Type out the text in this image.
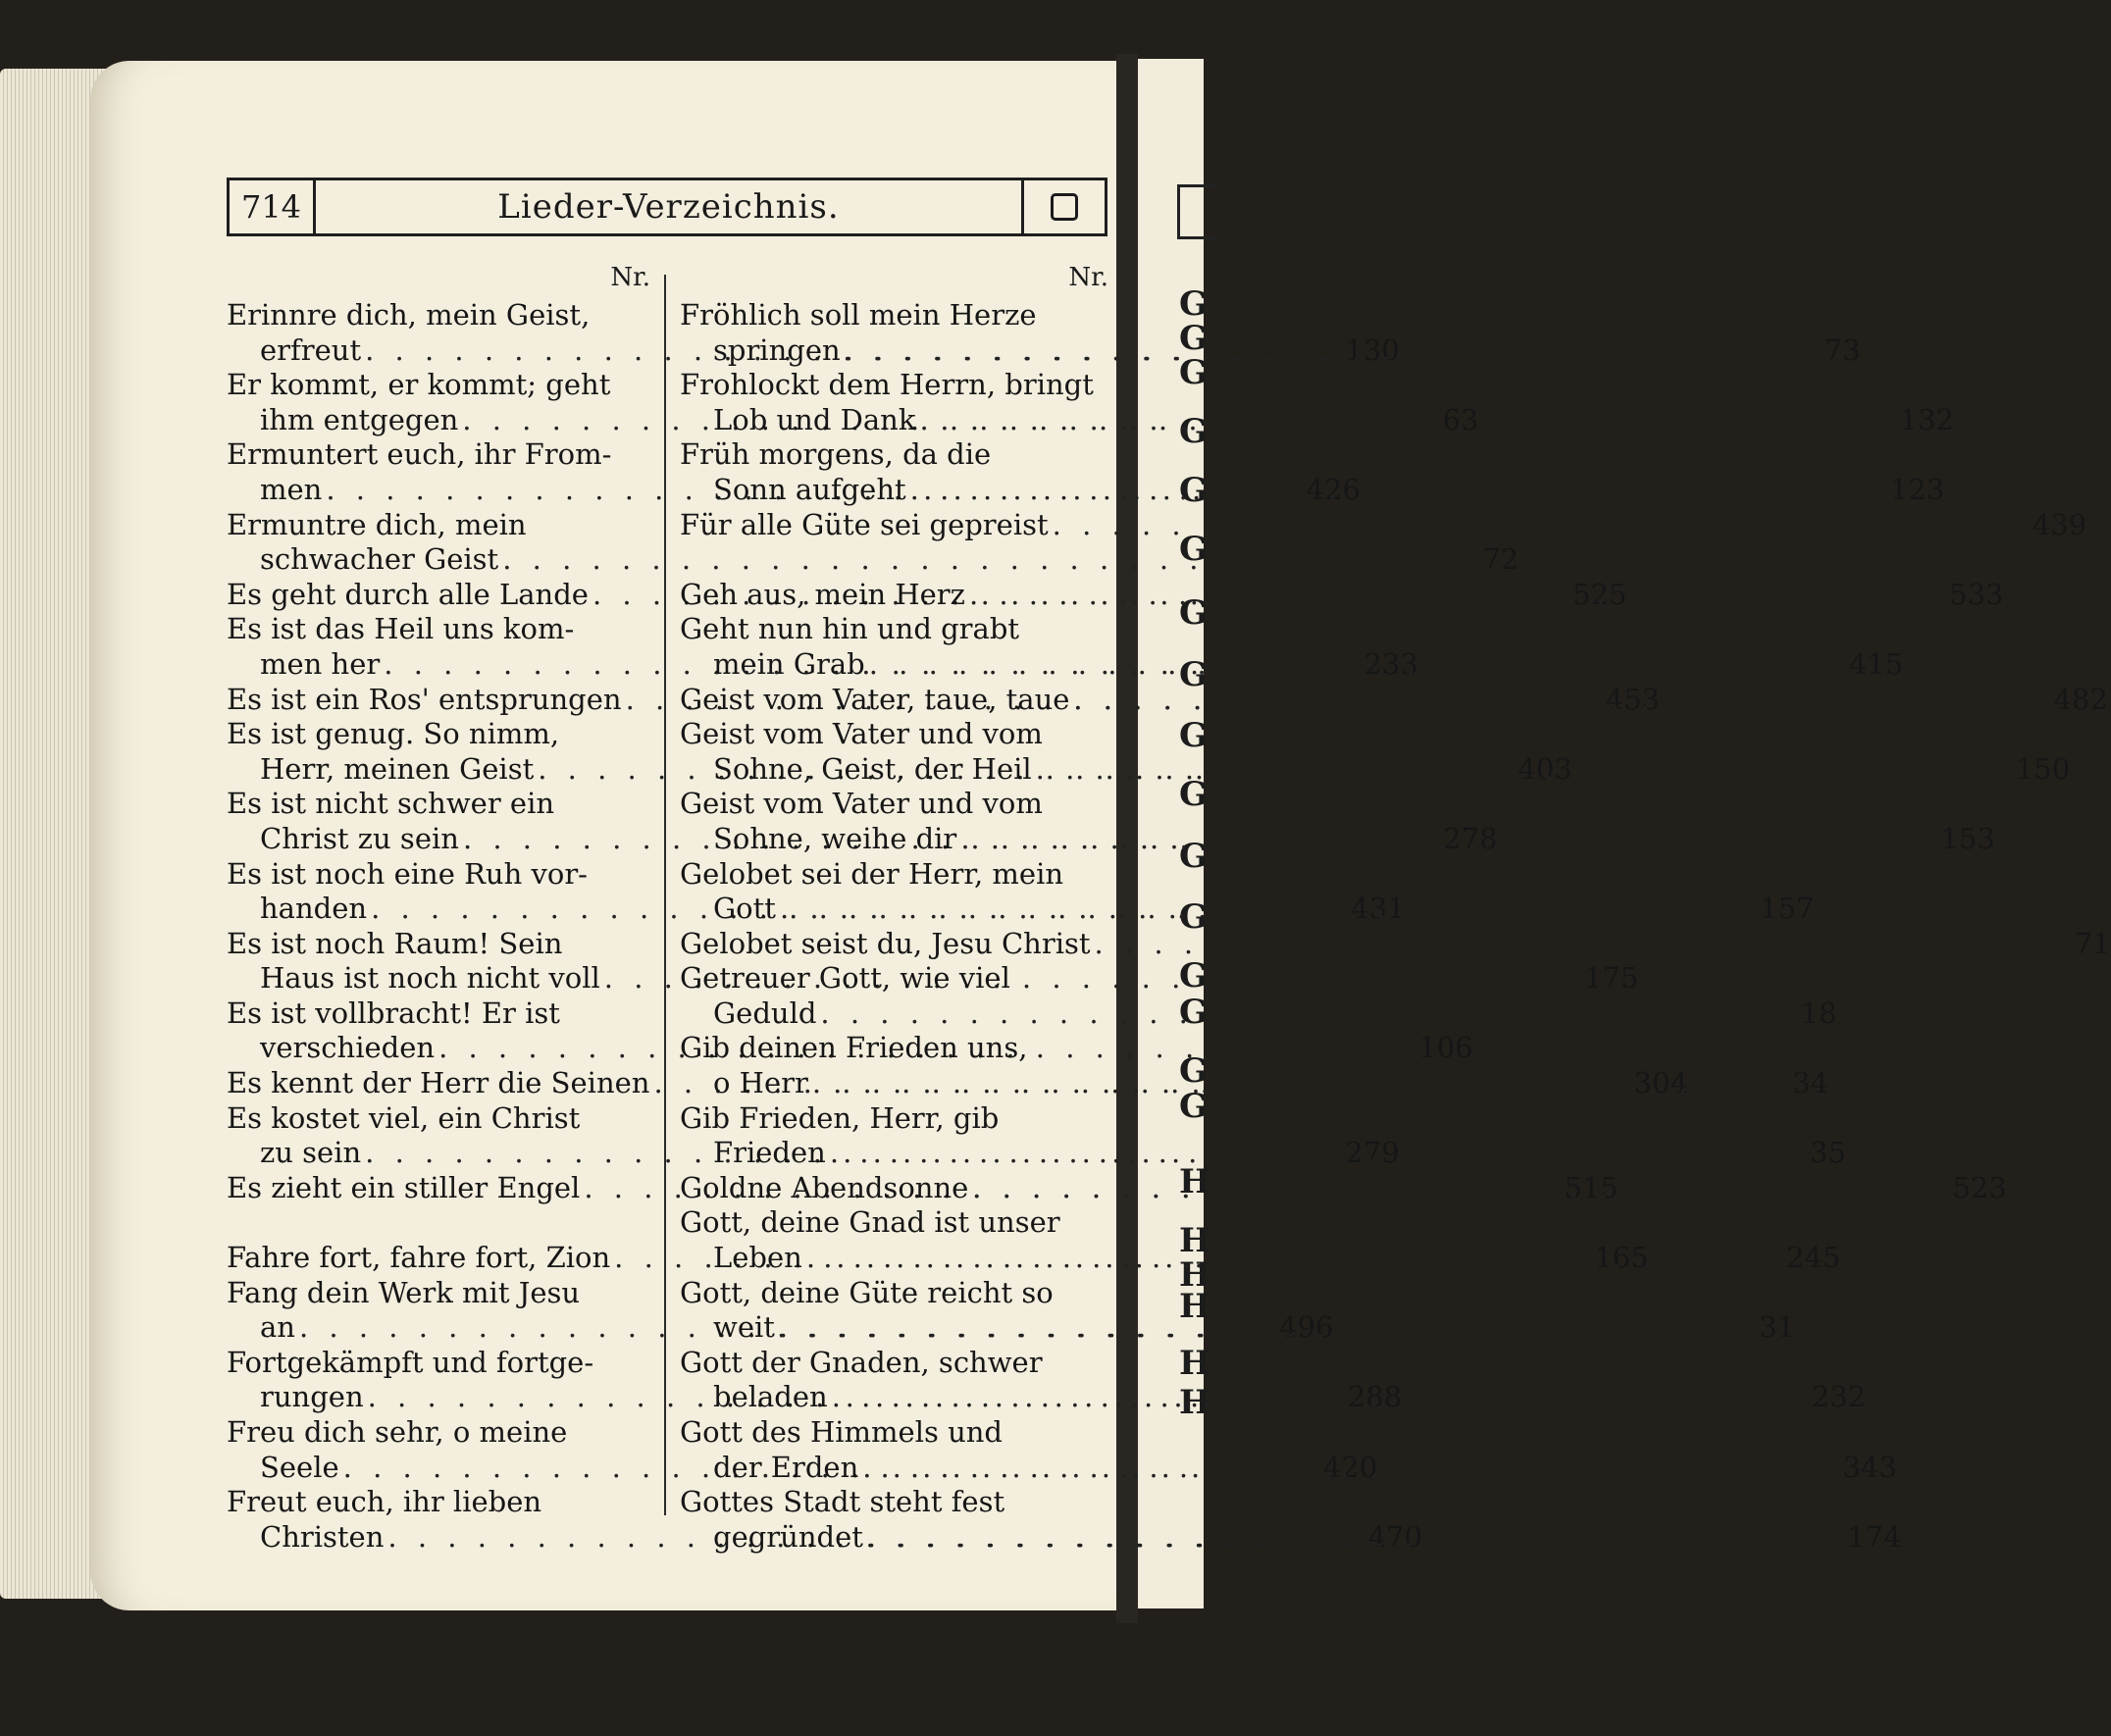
G
G
G
G
G
G
G
G
G
G
G
G
G
G
G
G
H
H
H
H
H
H
714	Lieder-Verzeichnis.
Nr.
Erinnre dich, mein Geist,
erfreut . . .	130
Er kommt, er kommt; geht
ihm entgegen . . .	63
Ermuntert euch, ihr From-
men . . .	426
Ermuntre dich, mein
schwacher Geist . . .	72
Es geht durch alle Lande . . .	525
Es ist das Heil uns kom-
men her . . .	233
Es ist ein Ros' entsprungen . . .	453
Es ist genug. So nimm,
Herr, meinen Geist . . .	403
Es ist nicht schwer ein
Christ zu sein . . .	278
Es ist noch eine Ruh vor-
handen . . .	431
Es ist noch Raum! Sein
Haus ist noch nicht voll . . .	175
Es ist vollbracht! Er ist
verschieden . . .	106
Es kennt der Herr die Seinen . . .	304
Es kostet viel, ein Christ
zu sein . . .	279
Es zieht ein stiller Engel . . .	515
Fahre fort, fahre fort, Zion . . .	165
Fang dein Werk mit Jesu
an . . .	496
Fortgekämpft und fortge-
rungen . . .	288
Freu dich sehr, o meine
Seele . . .	420
Freut euch, ihr lieben
Christen . . .	470
Nr.
Fröhlich soll mein Herze
springen . . .	73
Frohlockt dem Herrn, bringt
Lob und Dank . . .	132
Früh morgens, da die
Sonn aufgeht . . .	123
Für alle Güte sei gepreist . . .	439
Geh aus, mein Herz . . .	533
Geht nun hin und grabt
mein Grab . . .	415
Geist vom Vater, taue, taue . . .	482
Geist vom Vater und vom
Sohne, Geist, der Heil . . .	150
Geist vom Vater und vom
Sohne, weihe dir . . .	153
Gelobet sei der Herr, mein
Gott . . .	157
Gelobet seist du, Jesu Christ . . .	71
Getreuer Gott, wie viel
Geduld . . .	18
Gib deinen Frieden uns,
o Herr . . .	34
Gib Frieden, Herr, gib
Frieden . . .	35
Goldne Abendsonne . . .	523
Gott, deine Gnad ist unser
Leben . . .	245
Gott, deine Güte reicht so
weit . . .	31
Gott der Gnaden, schwer
beladen . . .	232
Gott des Himmels und
der Erden . . .	343
Gottes Stadt steht fest
gegründet . . .	174
